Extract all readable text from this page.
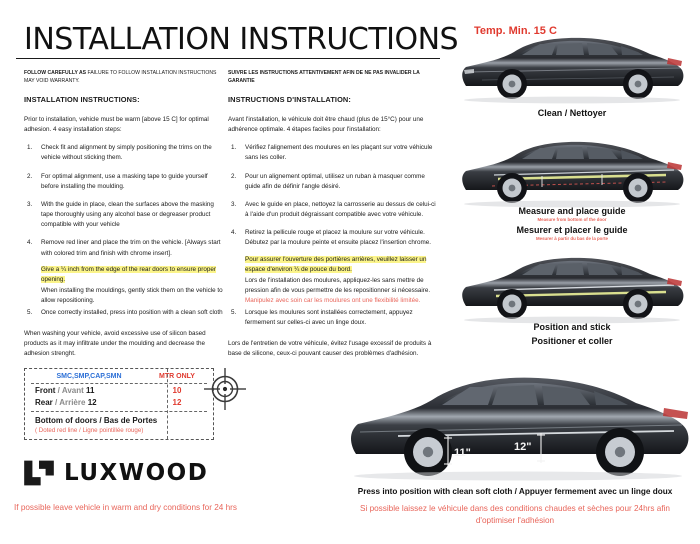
INSTALLATION INSTRUCTIONS Temp. Min. 15 C
FOLLOW CAREFULLY AS FAILURE TO FOLLOW INSTALLATION INSTRUCTIONS MAY VOID WARRANTY.
INSTALLATION INSTRUCTIONS:
Prior to installation, vehicle must be warm [above 15 C] for optimal adhesion. 4 easy installation steps:
1. Check fit and alignment by simply positioning the trims on the vehicle without sticking them.
2. For optimal alignment, use a masking tape to guide yourself before installing the moulding.
3. With the guide in place, clean the surfaces above the masking tape thoroughly using any alcohol base or degreaser product compatible with your vehicle
4. Remove red liner and place the trim on the vehicle. [Always start with colored trim and finish with chrome insert].
Give a ¼ inch from the edge of the rear doors to ensure proper opening.
When installing the mouldings, gently stick them on the vehicle to allow repositioning.
5. Once correctly installed, press into position with a clean soft cloth
When washing your vehicle, avoid excessive use of silicon based products as it may infiltrate under the moulding and decrease the adhesion strenght.
SUIVRE LES INSTRUCTIONS ATTENTIVEMENT AFIN DE NE PAS INVALIDER LA GARANTIE
INSTRUCTIONS D'INSTALLATION:
Avant l'installation, le véhicule doit être chaud (plus de 15°C) pour une adhérence optimale. 4 étapes faciles pour l'installation:
1. Vérifiez l'alignement des moulures en les plaçant sur votre véhicule sans les coller.
2. Pour un alignement optimal, utilisez un ruban à masquer comme guide afin de définir l'angle désiré.
3. Avec le guide en place, nettoyez la carrosserie au dessus de celui-ci à l'aide d'un produit dégraissant compatible avec votre véhicule.
4. Retirez la pellicule rouge et placez la moulure sur votre véhicule. Débutez par la moulure peinte et ensuite placez l'insertion chrome.
Pour assurer l'ouverture des portières arrières, veuillez laisser un espace d'environ ¼ de pouce du bord.
Lors de l'installation des moulures, appliquez-les sans mettre de pression afin de vous permettre de les repositionner si nécessaire. Manipulez avec soin car les moulures ont une flexibilité limitée.
5. Lorsque les moulures sont installées correctement, appuyez fermement sur celles-ci avec un linge doux.
Lors de l'entretien de votre véhicule, évitez l'usage excessif de produits à base de silicone, ceux-ci pouvant causer des problèmes d'adhésion.
SMC,SMP,CAP,SMN	MTR ONLY
Front / Avant 11	10
Rear / Arrière 12	12
Bottom of doors / Bas de Portes
( Doted red line / Ligne pointillée rouge)
LUXWOOD
If possible leave vehicle in warm and dry conditions for 24 hrs	Si possible laissez le véhicule dans des conditions chaudes et sèches pour 24hrs afin d'optimiser l'adhésion
Clean / Nettoyer
Measure and place guide
Measure from bottom of the door
Mesurer et placer le guide
Mesurer à partir du bas de la porte
Position and stick
Positioner et coller
11"	12"
Press into position with clean soft cloth / Appuyer fermement avec un linge doux
